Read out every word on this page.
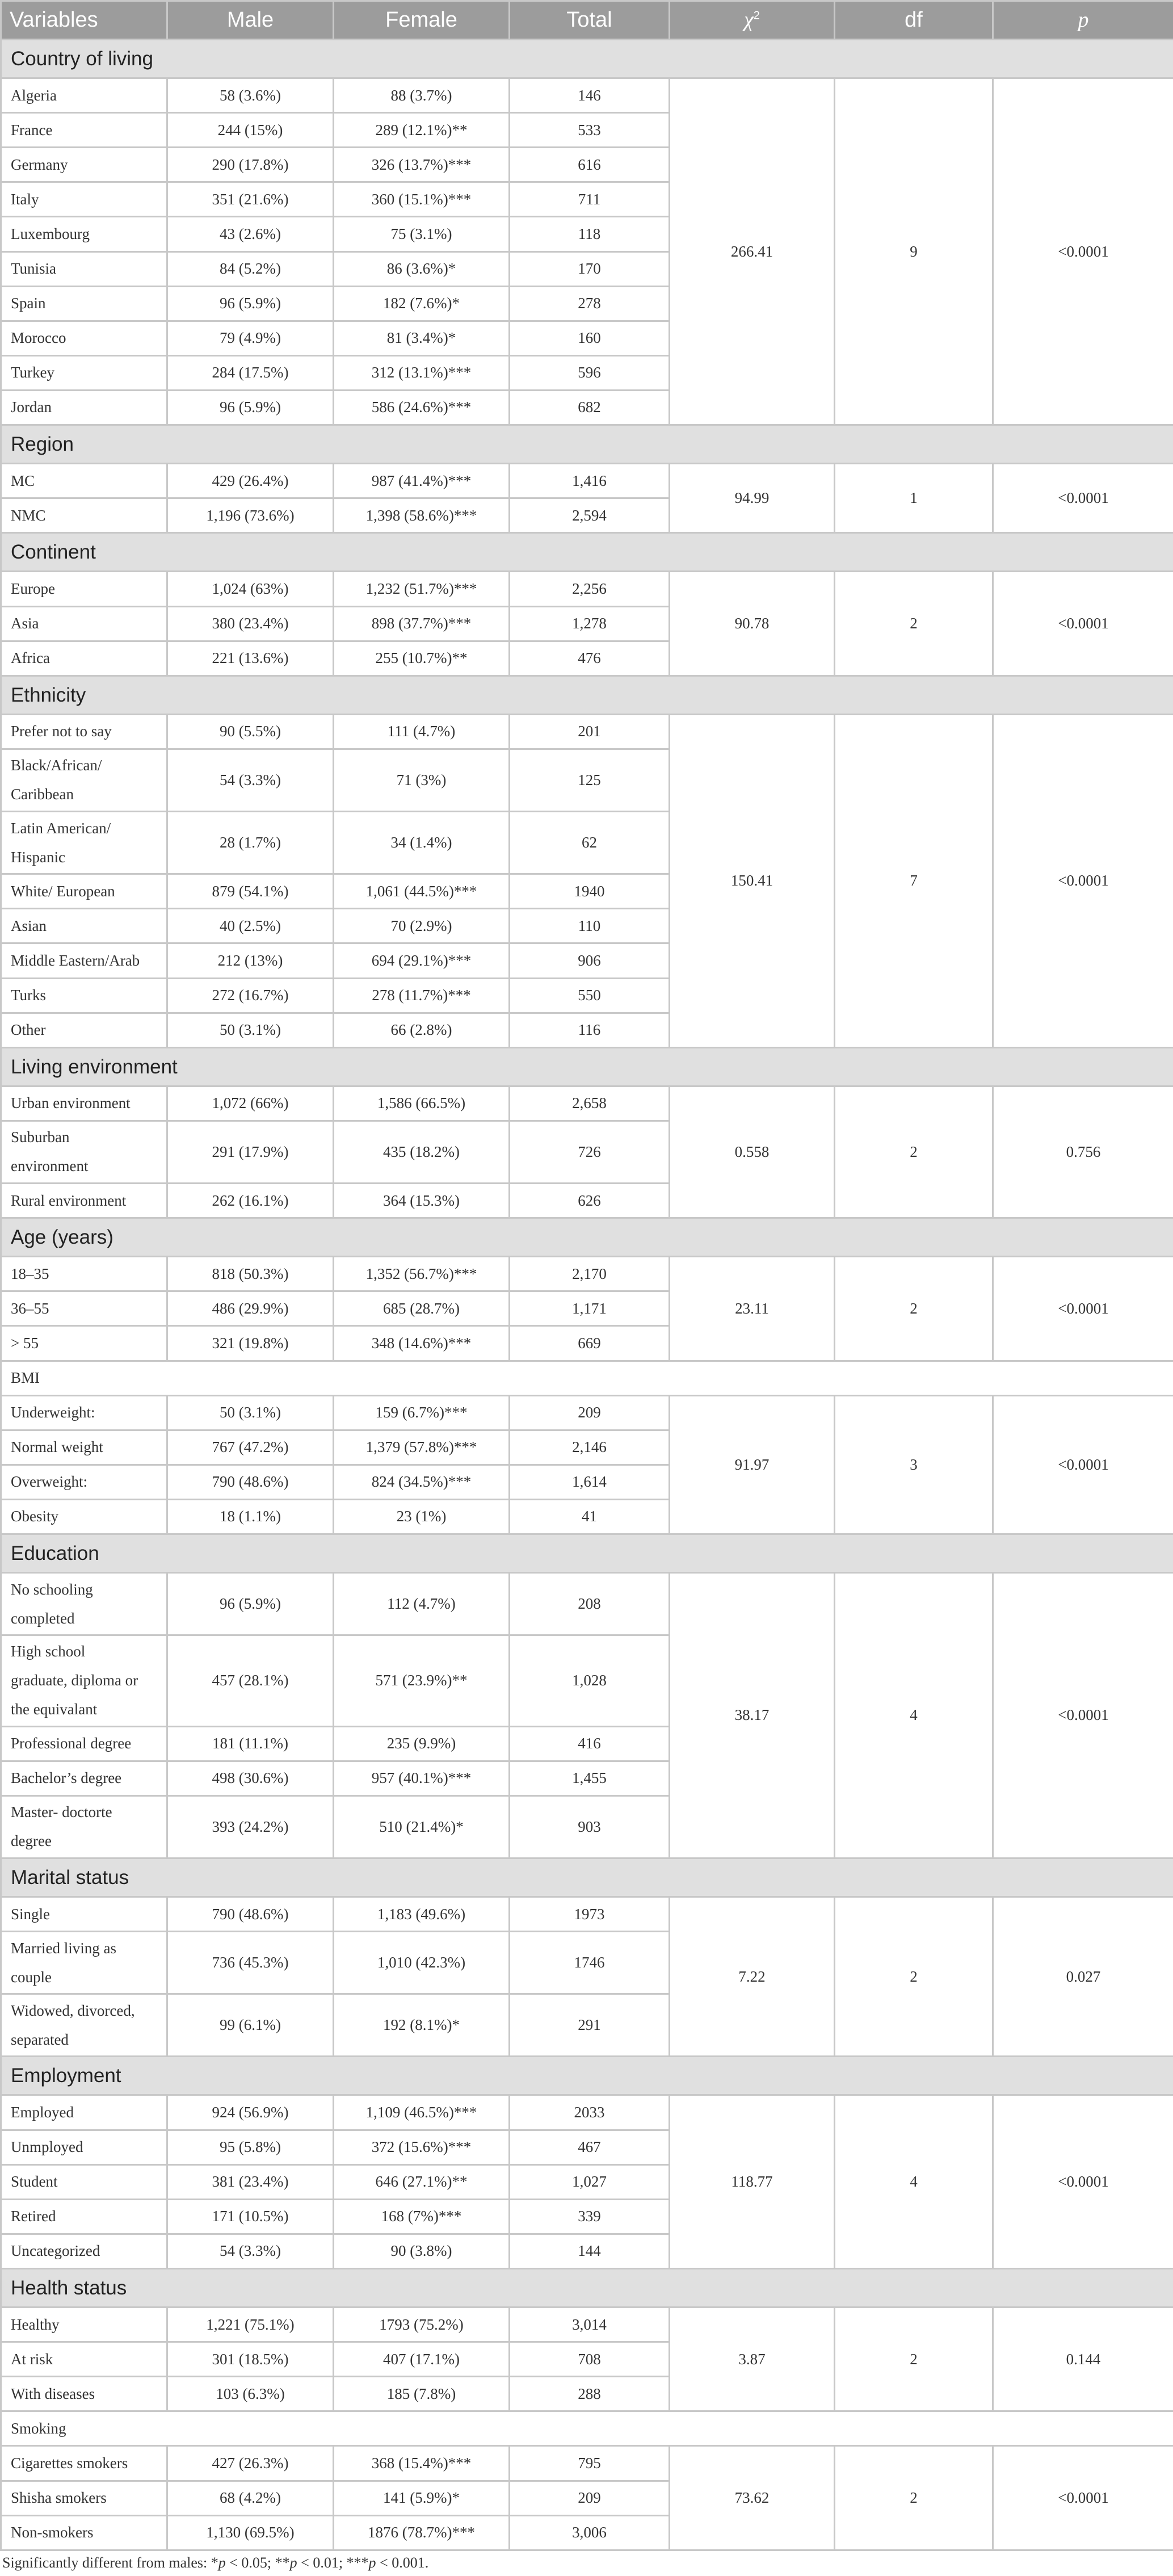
Variables	Male	Female	Total	$\chi^2$	df	p
Country of living						

Algeria	58 (3.6%)	88 (3.7%)	146	266.41	9	<0.0001

France	244 (15%)	289 (12.1%)**	533			

Germany	290 (17.8%)	326 (13.7%)***	616			

Italy	351 (21.6%)	360 (15.1%)***	711			

Luxembourg	43 (2.6%)	75 (3.1%)	118			

Tunisia	84 (5.2%)	86 (3.6%)*	170			

Spain	96 (5.9%)	182 (7.6%)*	278			

Morocco	79 (4.9%)	81 (3.4%)*	160			

Turkey	284 (17.5%)	312 (13.1%)***	596			

Jordan	96 (5.9%)	586 (24.6%)***	682			
Region						

MC	429 (26.4%)	987 (41.4%)***	1,416	94.99	1	<0.0001

NMC	1,196 (73.6%)	1,398 (58.6%)***	2,594			
Continent						

Europe	1,024 (63%)	1,232 (51.7%)***	2,256	90.78	2	<0.0001

Asia	380 (23.4%)	898 (37.7%)***	1,278			

Africa	221 (13.6%)	255 (10.7%)**	476			
Ethnicity						

Prefer not to say	90 (5.5%)	111 (4.7%)	201	150.41	7	<0.0001

Black/African/
Caribbean	54 (3.3%)	71 (3%)	125			

Latin American/
Hispanic	28 (1.7%)	34 (1.4%)	62			

White/ European	879 (54.1%)	1,061 (44.5%)***	1940			

Asian	40 (2.5%)	70 (2.9%)	110			

Middle Eastern/Arab	212 (13%)	694 (29.1%)***	906			

Turks	272 (16.7%)	278 (11.7%)***	550			

Other	50 (3.1%)	66 (2.8%)	116			
Living environment						

Urban environment	1,072 (66%)	1,586 (66.5%)	2,658	0.558	2	0.756

Suburban
environment	291 (17.9%)	435 (18.2%)	726			

Rural environment	262 (16.1%)	364 (15.3%)	626			
Age (years)						

18–35	818 (50.3%)	1,352 (56.7%)***	2,170	23.11	2	<0.0001

36–55	486 (29.9%)	685 (28.7%)	1,171			

> 55	321 (19.8%)	348 (14.6%)***	669			
BMI						

Underweight:	50 (3.1%)	159 (6.7%)***	209	91.97	3	<0.0001

Normal weight	767 (47.2%)	1,379 (57.8%)***	2,146			

Overweight:	790 (48.6%)	824 (34.5%)***	1,614			

Obesity	18 (1.1%)	23 (1%)	41			
Education						

No schooling
completed	96 (5.9%)	112 (4.7%)	208	38.17	4	<0.0001

High school
graduate, diploma or
the equivalant	457 (28.1%)	571 (23.9%)**	1,028			

Professional degree	181 (11.1%)	235 (9.9%)	416			

Bachelor’s degree	498 (30.6%)	957 (40.1%)***	1,455			

Master- doctorte
degree	393 (24.2%)	510 (21.4%)*	903			
Marital status						

Single	790 (48.6%)	1,183 (49.6%)	1973	7.22	2	0.027

Married living as
couple	736 (45.3%)	1,010 (42.3%)	1746			

Widowed, divorced,
separated	99 (6.1%)	192 (8.1%)*	291			
Employment						

Employed	924 (56.9%)	1,109 (46.5%)***	2033	118.77	4	<0.0001

Unmployed	95 (5.8%)	372 (15.6%)***	467			

Student	381 (23.4%)	646 (27.1%)**	1,027			

Retired	171 (10.5%)	168 (7%)***	339			

Uncategorized	54 (3.3%)	90 (3.8%)	144			
Health status						

Healthy	1,221 (75.1%)	1793 (75.2%)	3,014	3.87	2	0.144

At risk	301 (18.5%)	407 (17.1%)	708			

With diseases	103 (6.3%)	185 (7.8%)	288			
Smoking						

Cigarettes smokers	427 (26.3%)	368 (15.4%)***	795	73.62	2	<0.0001

Shisha smokers	68 (4.2%)	141 (5.9%)*	209			

Non-smokers	1,130 (69.5%)	1876 (78.7%)***	3,006			
Significantly different from males: *p < 0.05; **p < 0.01; ***p < 0.001.
